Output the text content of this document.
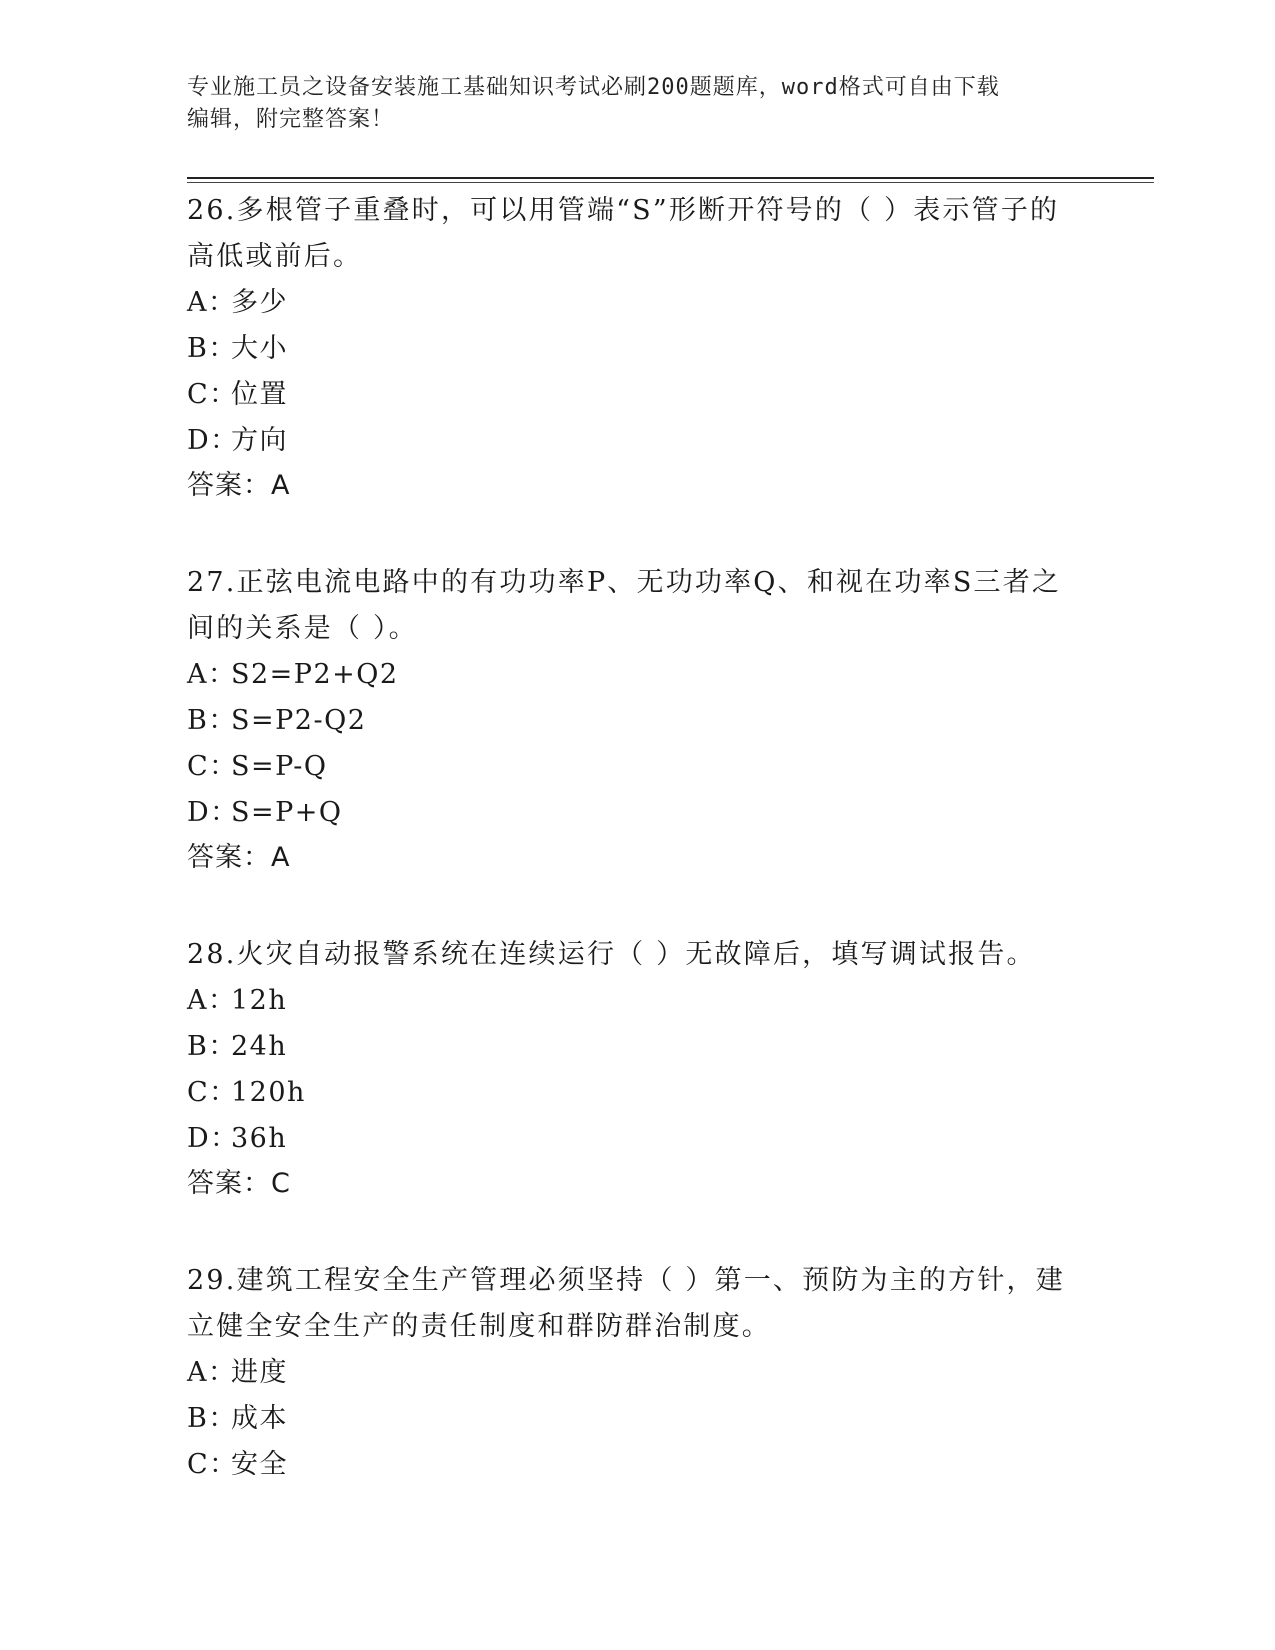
专业施工员之设备安装施工基础知识考试必刷200题题库，word格式可自由下载
编辑，附完整答案！

26.多根管子重叠时，可以用管端“S”形断开符号的（ ）表示管子的

高低或前后。

A：多少

B：大小

C：位置

D：方向

答案：A

27.正弦电流电路中的有功功率P、无功功率Q、和视在功率S三者之

间的关系是（ ）。

A：S2=P2+Q2

B：S=P2-Q2

C：S=P-Q

D：S=P+Q

答案：A

28.火灾自动报警系统在连续运行（ ）无故障后，填写调试报告。

A：12h

B：24h

C：120h

D：36h

答案：C

29.建筑工程安全生产管理必须坚持（ ）第一、预防为主的方针，建

立健全安全生产的责任制度和群防群治制度。

A：进度

B：成本

C：安全
